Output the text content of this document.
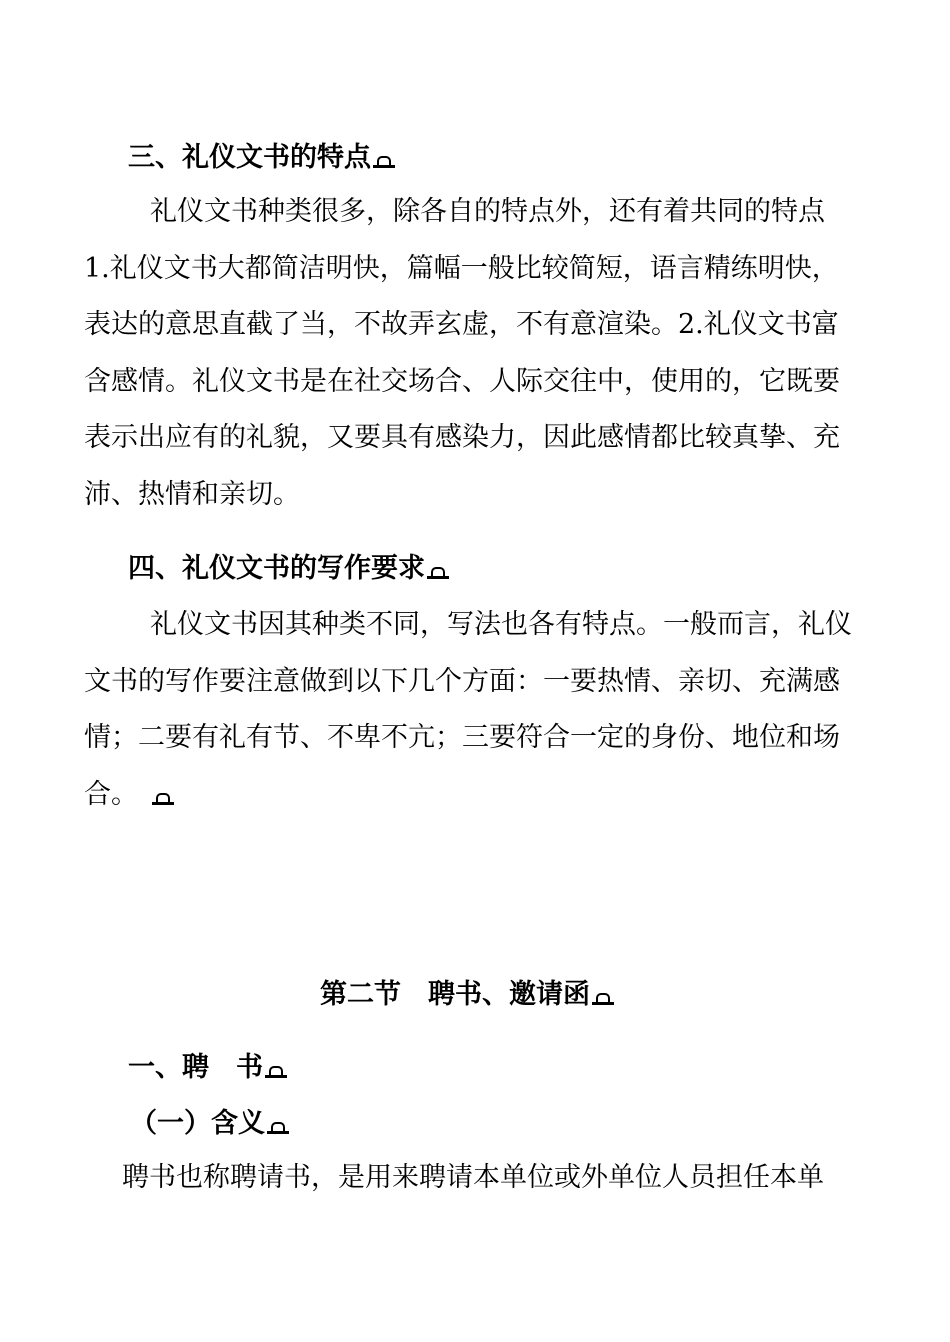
三、礼仪文书的特点
礼仪文书种类很多，除各自的特点外，还有着共同的特点
1.礼仪文书大都简洁明快，篇幅一般比较简短，语言精练明快，
表达的意思直截了当，不故弄玄虚，不有意渲染。2.礼仪文书富
含感情。礼仪文书是在社交场合、人际交往中，使用的，它既要
表示出应有的礼貌，又要具有感染力，因此感情都比较真挚、充
沛、热情和亲切。
四、礼仪文书的写作要求
礼仪文书因其种类不同，写法也各有特点。一般而言，礼仪
文书的写作要注意做到以下几个方面：一要热情、亲切、充满感
情；二要有礼有节、不卑不亢；三要符合一定的身份、地位和场
合。
第二节　聘书、邀请函
一、聘　书
（一）含义
聘书也称聘请书，是用来聘请本单位或外单位人员担任本单
